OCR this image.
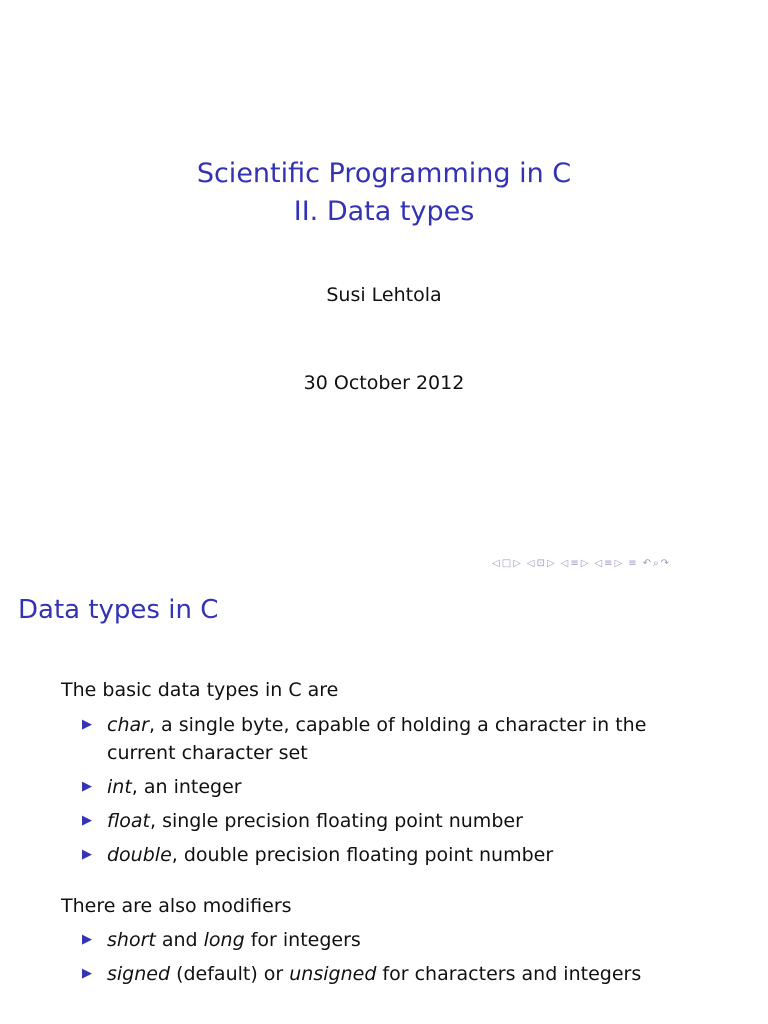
Scientific Programming in C
II. Data types
Susi Lehtola
30 October 2012
◁ □ ▷ ◁ ⊡ ▷ ◁ ≡ ▷ ◁ ≡ ▷ ≡ ↶ ⌕ ↷
Data types in C
The basic data types in C are
▶ char, a single byte, capable of holding a character in the current character set
▶ int, an integer
▶ float, single precision floating point number
▶ double, double precision floating point number
There are also modifiers
▶ short and long for integers
▶ signed (default) or unsigned for characters and integers
